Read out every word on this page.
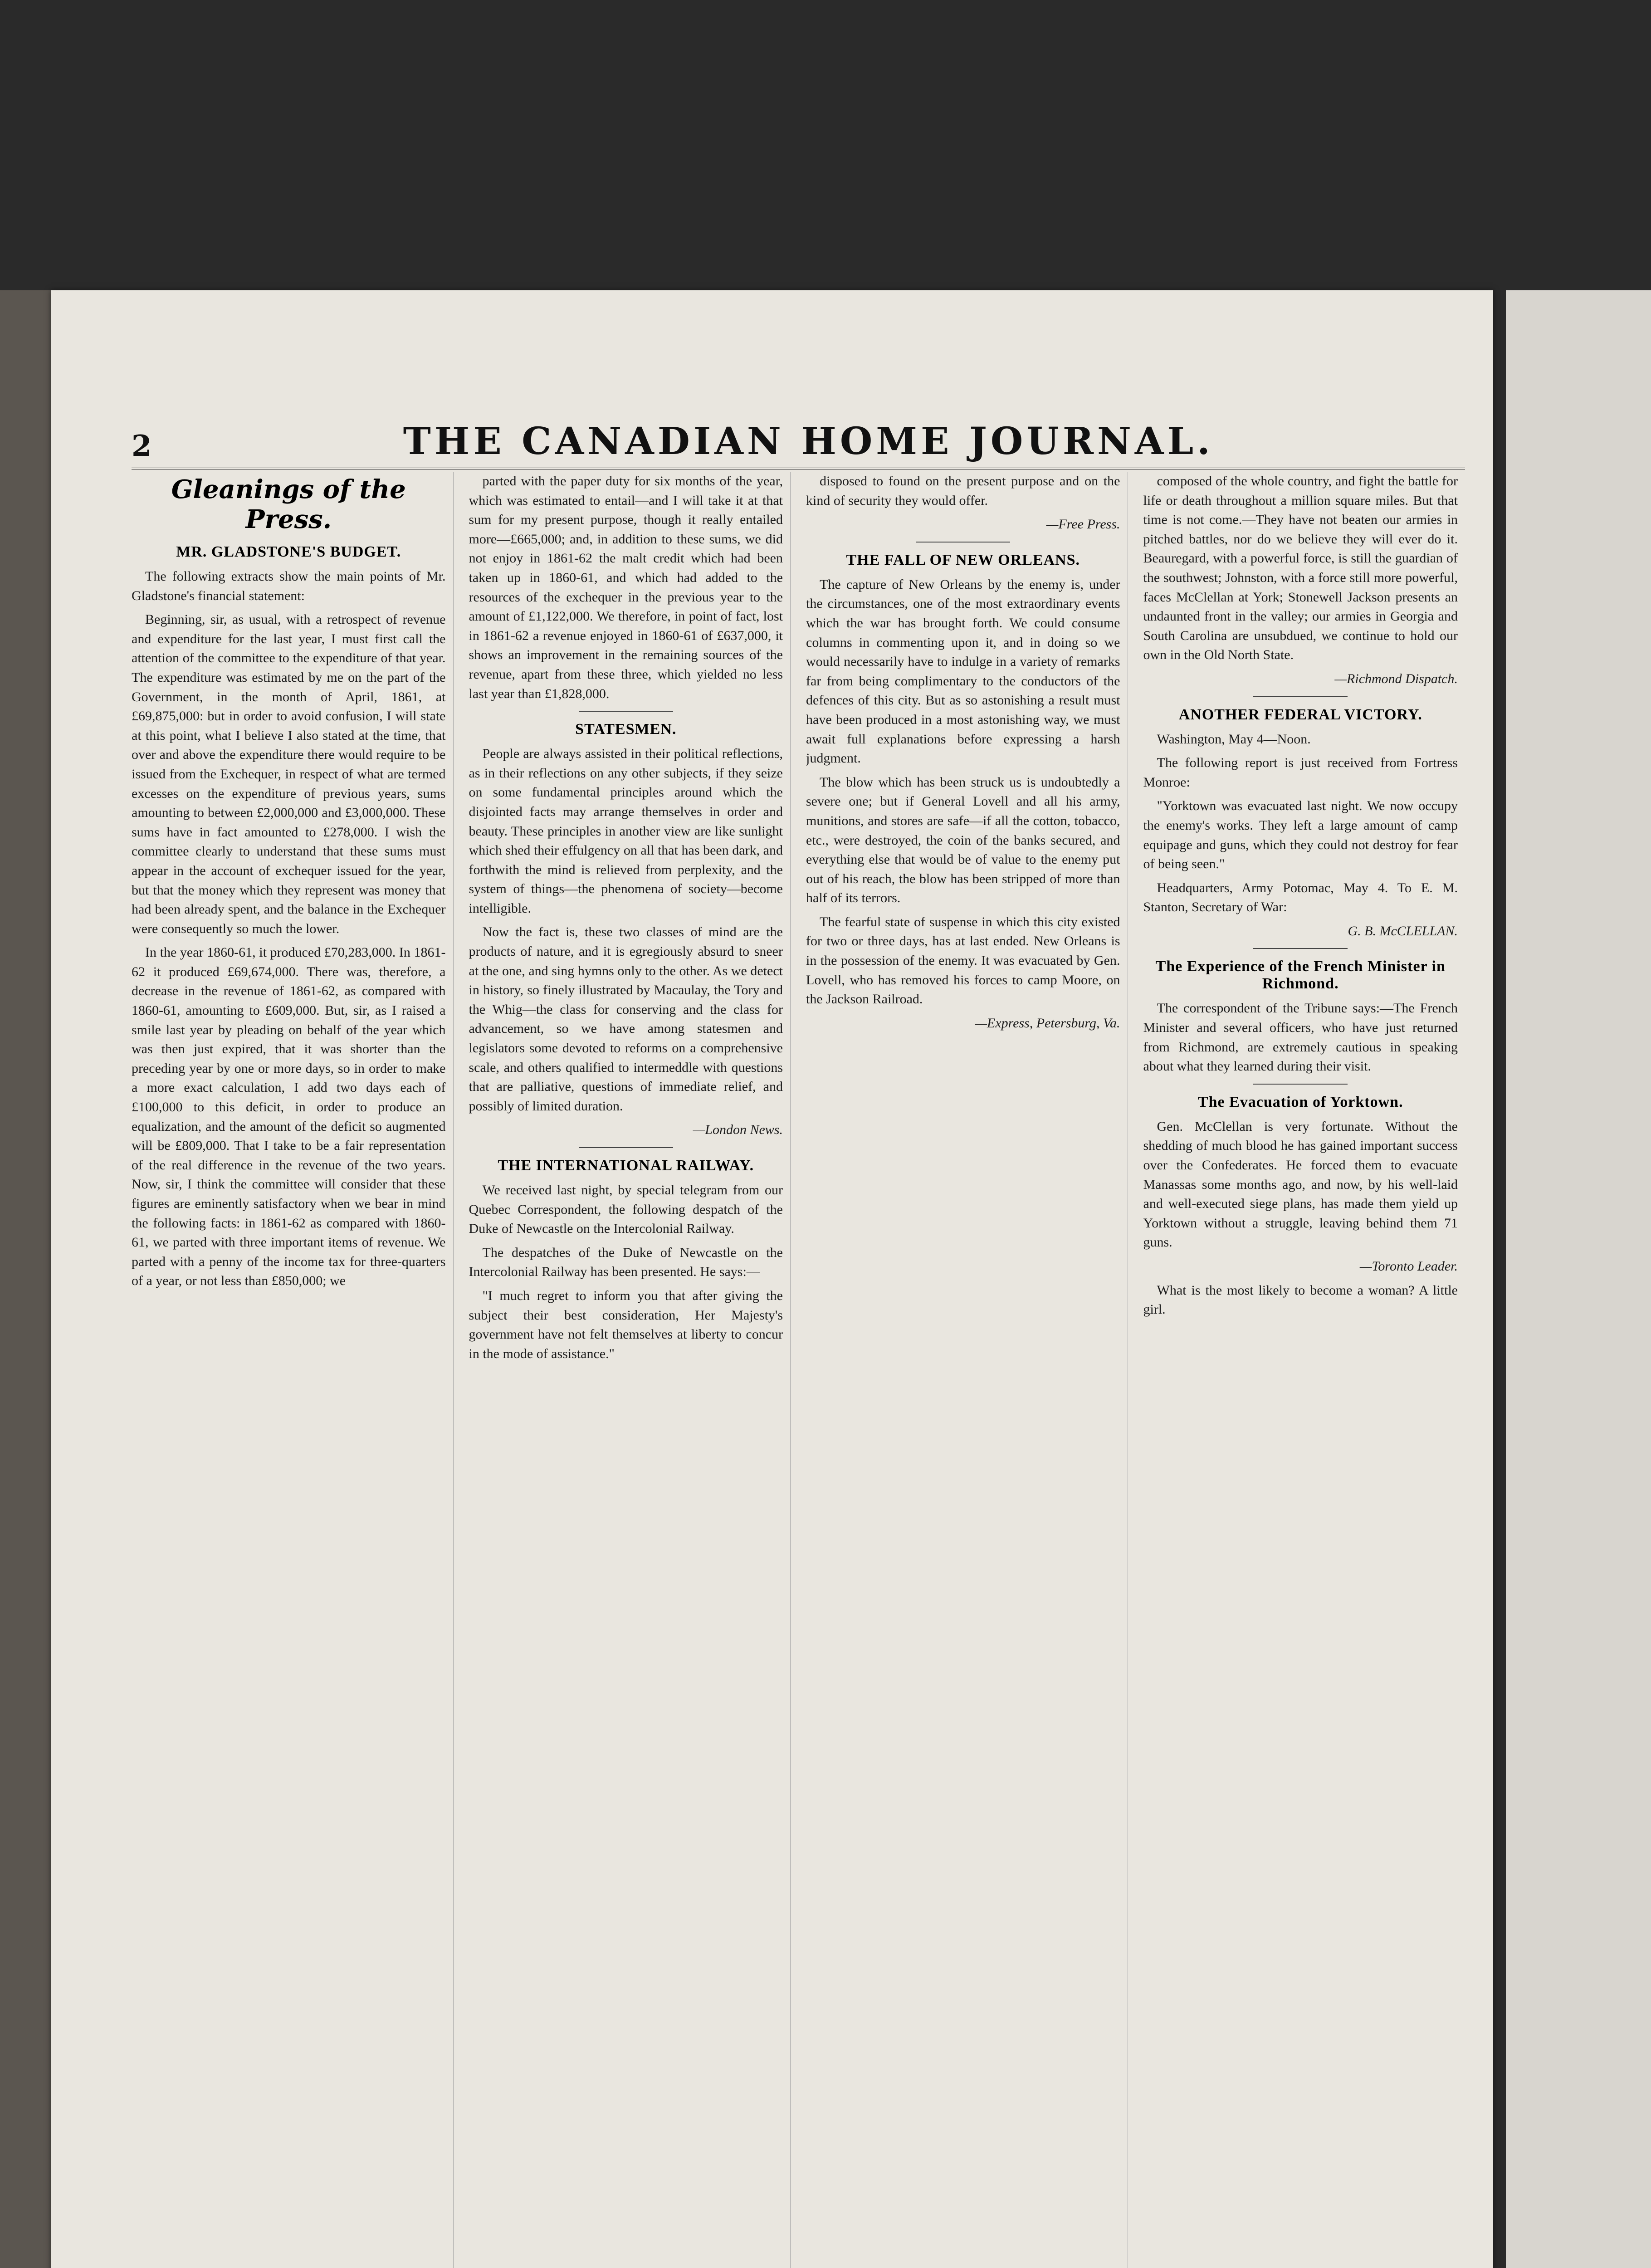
2	THE CANADIAN HOME JOURNAL.
Gleanings of the Press.
MR. GLADSTONE'S BUDGET.

The following extracts show the main points of Mr. Gladstone's financial statement:

Beginning, sir, as usual, with a retrospect of revenue and expenditure for the last year, I must first call the attention of the committee to the expenditure of that year. The expenditure was estimated by me on the part of the Government, in the month of April, 1861, at £69,875,000: but in order to avoid confusion, I will state at this point, what I believe I also stated at the time, that over and above the expenditure there would require to be issued from the Exchequer, in respect of what are termed excesses on the expenditure of previous years, sums amounting to between £2,000,000 and £3,000,000. These sums have in fact amounted to £278,000. I wish the committee clearly to understand that these sums must appear in the account of exchequer issued for the year, but that the money which they represent was money that had been already spent, and the balance in the Exchequer were consequently so much the lower.

In the year 1860-61, it produced £70,283,000. In 1861-62 it produced £69,674,000. There was, therefore, a decrease in the revenue of 1861-62, as compared with 1860-61, amounting to £609,000. But, sir, as I raised a smile last year by pleading on behalf of the year which was then just expired, that it was shorter than the preceding year by one or more days, so in order to make a more exact calculation, I add two days each of £100,000 to this deficit, in order to produce an equalization, and the amount of the deficit so augmented will be £809,000. That I take to be a fair representation of the real difference in the revenue of the two years. Now, sir, I think the committee will consider that these figures are eminently satisfactory when we bear in mind the following facts: in 1861-62 as compared with 1860-61, we parted with three important items of revenue. We parted with a penny of the income tax for three-quarters of a year, or not less than £850,000; we

parted with the paper duty for six months of the year, which was estimated to entail—and I will take it at that sum for my present purpose, though it really entailed more—£665,000; and, in addition to these sums, we did not enjoy in 1861-62 the malt credit which had been taken up in 1860-61, and which had added to the resources of the exchequer in the previous year to the amount of £1,122,000. We therefore, in point of fact, lost in 1861-62 a revenue enjoyed in 1860-61 of £637,000, it shows an improvement in the remaining sources of the revenue, apart from these three, which yielded no less last year than £1,828,000.

STATESMEN.

People are always assisted in their political reflections, as in their reflections on any other subjects, if they seize on some fundamental principles around which the disjointed facts may arrange themselves in order and beauty. These principles in another view are like sunlight which shed their effulgency on all that has been dark, and forthwith the mind is relieved from perplexity, and the system of things—the phenomena of society—become intelligible.

Now the fact is, these two classes of mind are the products of nature, and it is egregiously absurd to sneer at the one, and sing hymns only to the other. As we detect in history, so finely illustrated by Macaulay, the Tory and the Whig—the class for conserving and the class for advancement, so we have among statesmen and legislators some devoted to reforms on a comprehensive scale, and others qualified to intermeddle with questions that are palliative, questions of immediate relief, and possibly of limited duration.

—London News.

THE INTERNATIONAL RAILWAY.

We received last night, by special telegram from our Quebec Correspondent, the following despatch of the Duke of Newcastle on the Intercolonial Railway.

The despatches of the Duke of Newcastle on the Intercolonial Railway has been presented. He says:—

"I much regret to inform you that after giving the subject their best consideration, Her Majesty's government have not felt themselves at liberty to concur in the mode of assistance."

disposed to found on the present purpose and on the kind of security they would offer.

—Free Press.

THE FALL OF NEW ORLEANS.

The capture of New Orleans by the enemy is, under the circumstances, one of the most extraordinary events which the war has brought forth. We could consume columns in commenting upon it, and in doing so we would necessarily have to indulge in a variety of remarks far from being complimentary to the conductors of the defences of this city. But as so astonishing a result must have been produced in a most astonishing way, we must await full explanations before expressing a harsh judgment.

The blow which has been struck us is undoubtedly a severe one; but if General Lovell and all his army, munitions, and stores are safe—if all the cotton, tobacco, etc., were destroyed, the coin of the banks secured, and everything else that would be of value to the enemy put out of his reach, the blow has been stripped of more than half of its terrors.

The fearful state of suspense in which this city existed for two or three days, has at last ended. New Orleans is in the possession of the enemy. It was evacuated by Gen. Lovell, who has removed his forces to camp Moore, on the Jackson Railroad.

—Express, Petersburg, Va.

composed of the whole country, and fight the battle for life or death throughout a million square miles. But that time is not come.—They have not beaten our armies in pitched battles, nor do we believe they will ever do it. Beauregard, with a powerful force, is still the guardian of the southwest; Johnston, with a force still more powerful, faces McClellan at York; Stonewell Jackson presents an undaunted front in the valley; our armies in Georgia and South Carolina are unsubdued, we continue to hold our own in the Old North State.

—Richmond Dispatch.

ANOTHER FEDERAL VICTORY.

Washington, May 4—Noon.

The following report is just received from Fortress Monroe:

"Yorktown was evacuated last night. We now occupy the enemy's works. They left a large amount of camp equipage and guns, which they could not destroy for fear of being seen."

Headquarters, Army Potomac, May 4. To E. M. Stanton, Secretary of War:

G. B. McCLELLAN.

The Experience of the French Minister in Richmond.

The correspondent of the Tribune says:—The French Minister and several officers, who have just returned from Richmond, are extremely cautious in speaking about what they learned during their visit.

The Evacuation of Yorktown.

Gen. McClellan is very fortunate. Without the shedding of much blood he has gained important success over the Confederates. He forced them to evacuate Manassas some months ago, and now, by his well-laid and well-executed siege plans, has made them yield up Yorktown without a struggle, leaving behind them 71 guns.

—Toronto Leader.

What is the most likely to become a woman? A little girl.
